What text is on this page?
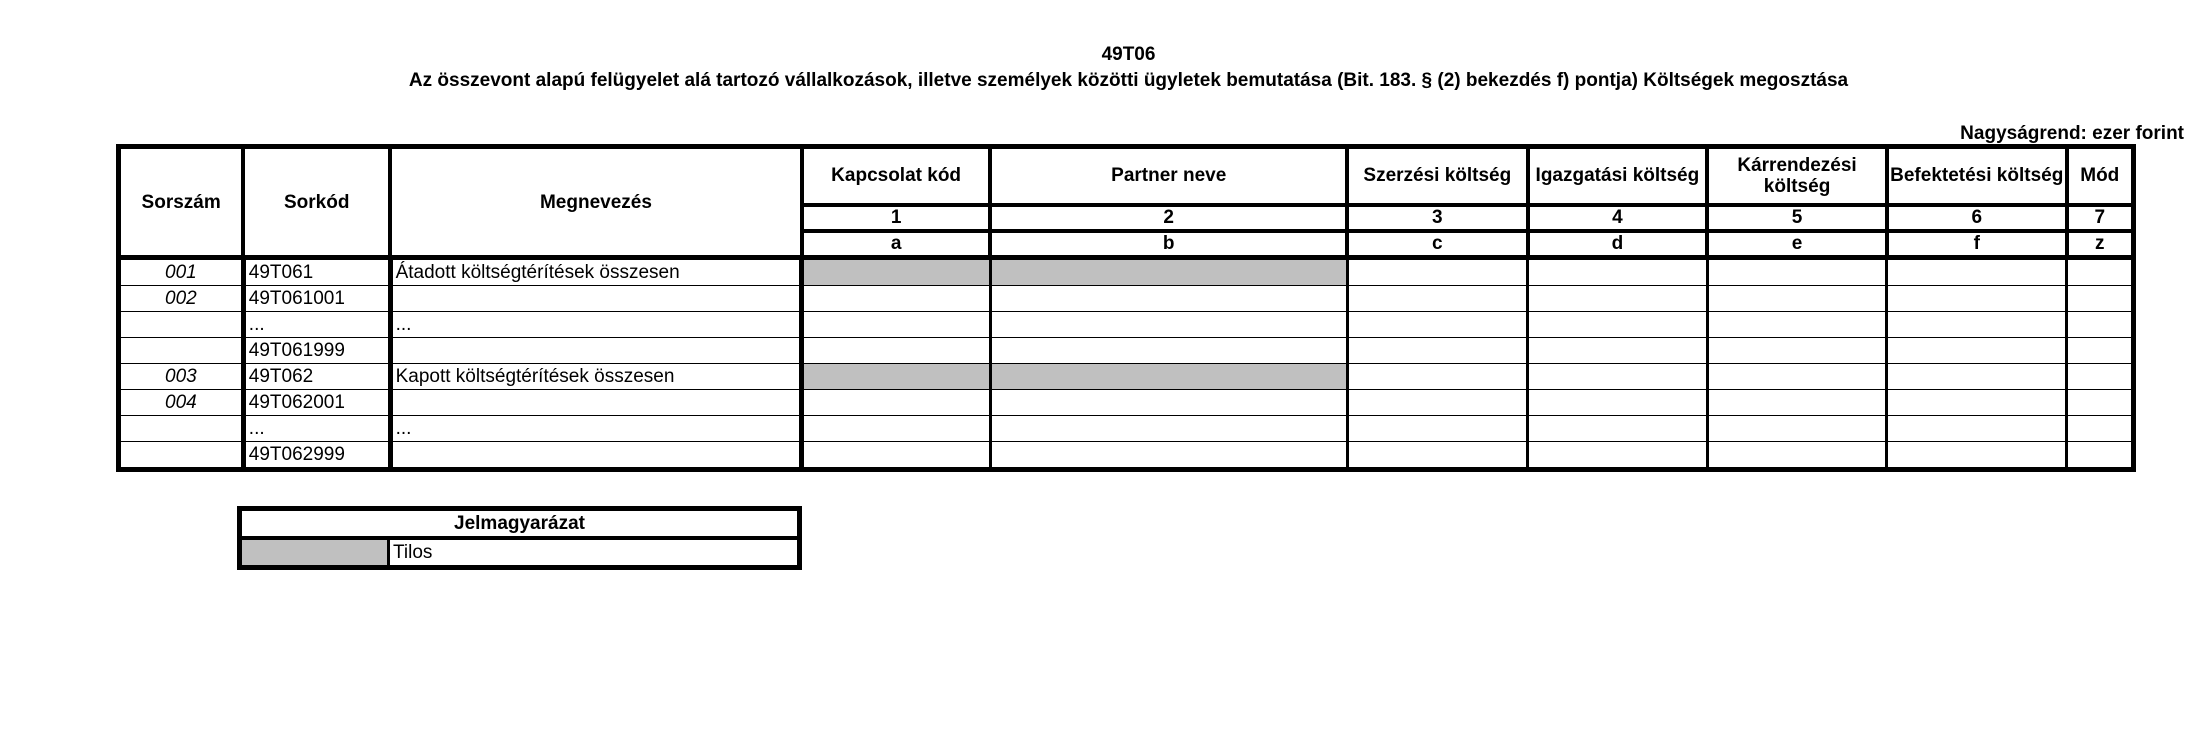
49T06
Az összevont alapú felügyelet alá tartozó vállalkozások, illetve személyek közötti ügyletek bemutatása (Bit. 183. § (2) bekezdés f) pontja) Költségek megosztása
Nagyságrend: ezer forint
Sorszám	Sorkód	Megnevezés	Kapcsolat kód	Partner neve	Szerzési költség	Igazgatási költség	Kárrendezési költség	Befektetési költség	Mód
			1	2	3	4	5	6	7
			a	b	c	d	e	f	z
001	49T061	Átadott költségtérítések összesen							
002	49T061001								
	...	...							
	49T061999								
003	49T062	Kapott költségtérítések összesen							
004	49T062001								
	...	...							
	49T062999								
Jelmagyarázat
	Tilos
